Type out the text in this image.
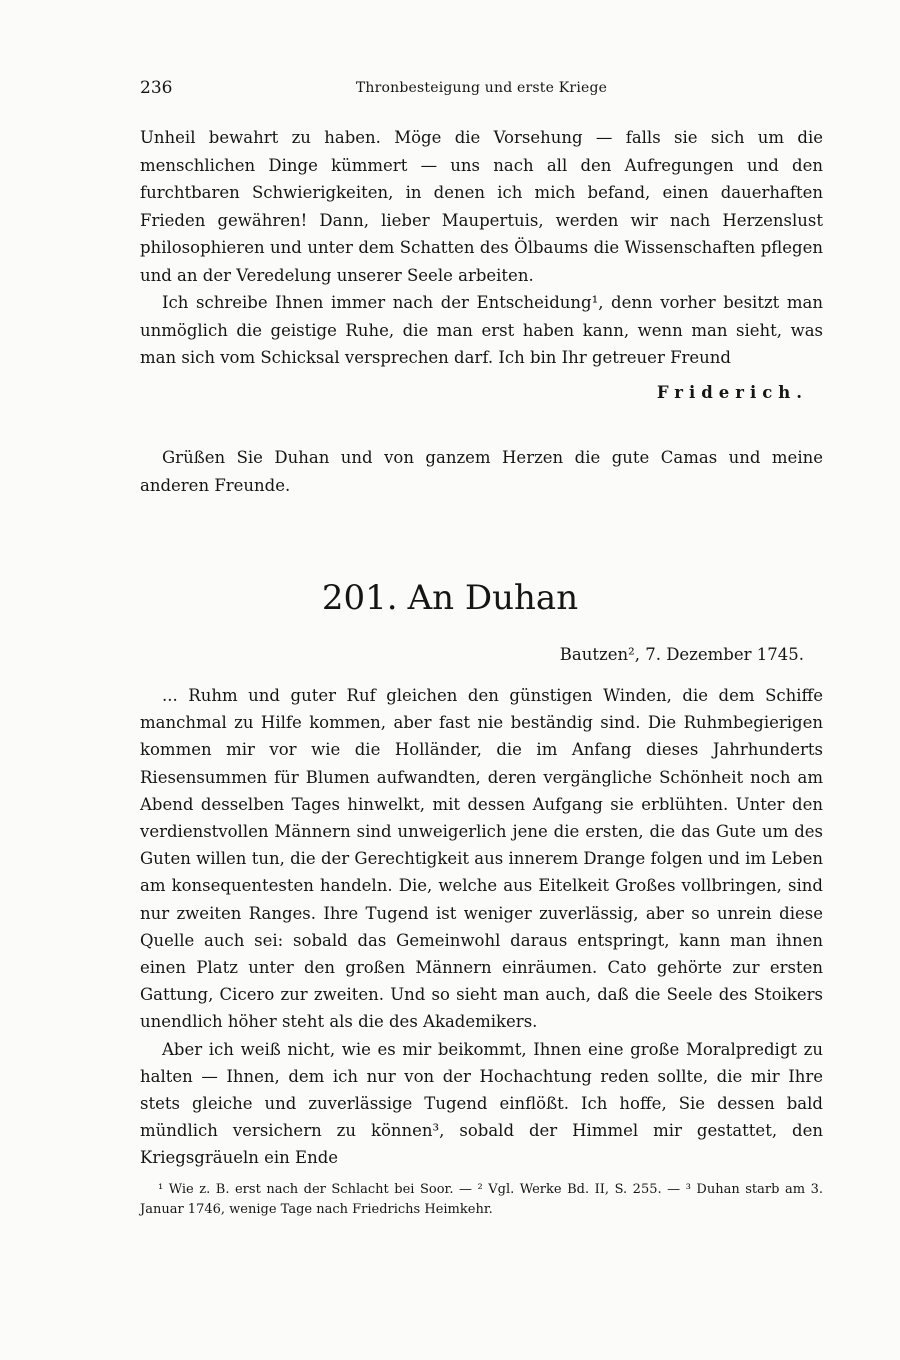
236	Thronbesteigung und erste Kriege

Unheil bewahrt zu haben. Möge die Vorsehung — falls sie sich um die menschlichen Dinge kümmert — uns nach all den Aufregungen und den furchtbaren Schwierigkeiten, in denen ich mich befand, einen dauerhaften Frieden gewähren! Dann, lieber Maupertuis, werden wir nach Herzenslust philosophieren und unter dem Schatten des Ölbaums die Wissenschaften pflegen und an der Veredelung unserer Seele arbeiten.

Ich schreibe Ihnen immer nach der Entscheidung¹, denn vorher besitzt man unmöglich die geistige Ruhe, die man erst haben kann, wenn man sieht, was man sich vom Schicksal versprechen darf. Ich bin Ihr getreuer Freund

Friderich.

Grüßen Sie Duhan und von ganzem Herzen die gute Camas und meine anderen Freunde.

201. An Duhan
Bautzen², 7. Dezember 1745.

... Ruhm und guter Ruf gleichen den günstigen Winden, die dem Schiffe manchmal zu Hilfe kommen, aber fast nie beständig sind. Die Ruhmbegierigen kommen mir vor wie die Holländer, die im Anfang dieses Jahrhunderts Riesensummen für Blumen aufwandten, deren vergängliche Schönheit noch am Abend desselben Tages hinwelkt, mit dessen Aufgang sie erblühten. Unter den verdienstvollen Männern sind unweigerlich jene die ersten, die das Gute um des Guten willen tun, die der Gerechtigkeit aus innerem Drange folgen und im Leben am konsequentesten handeln. Die, welche aus Eitelkeit Großes vollbringen, sind nur zweiten Ranges. Ihre Tugend ist weniger zuverlässig, aber so unrein diese Quelle auch sei: sobald das Gemeinwohl daraus entspringt, kann man ihnen einen Platz unter den großen Männern einräumen. Cato gehörte zur ersten Gattung, Cicero zur zweiten. Und so sieht man auch, daß die Seele des Stoikers unendlich höher steht als die des Akademikers.

Aber ich weiß nicht, wie es mir beikommt, Ihnen eine große Moralpredigt zu halten — Ihnen, dem ich nur von der Hochachtung reden sollte, die mir Ihre stets gleiche und zuverlässige Tugend einflößt. Ich hoffe, Sie dessen bald mündlich versichern zu können³, sobald der Himmel mir gestattet, den Kriegsgräueln ein Ende

¹ Wie z. B. erst nach der Schlacht bei Soor. — ² Vgl. Werke Bd. II, S. 255. — ³ Duhan starb am 3. Januar 1746, wenige Tage nach Friedrichs Heimkehr.
